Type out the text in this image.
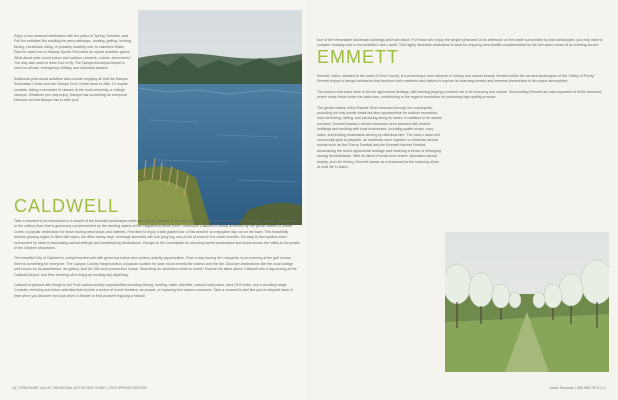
Enjoy a four seasons destination with the parks of Spring, Summer, and Fall fun activities like strolling the area pathways, boating, golfing, hunting, fishing, horseback riding, or possibly heading over to Lakeview Water Park for water fun or Midway Sports Park ideal for sports activities galore. What about year-round indoor and outdoor concerts, rodeos, and events? You may also want to learn how to fly. The Nampa Municipal Airport is used for private, emergency, military, and industrial aviation.

Additional year-round activities also include enjoying all that the Nampa Recreation Center and the Nampa Civic Center have to offer. Or maybe consider taking a semester of classes at the local university or college campus. Whatever you may enjoy, Nampa has something for everyone. Discover all that Nampa has to offer you!

CALDWELL

Take a moment to be introduced to a wealth of the beautiful landscapes within the City of Caldwell. From the rolling green hills lined delicately with vineyards, groves, and orchards, to the valley's floor that is graciously complemented by the winding waters of the magnificent Boise River. Downtown Caldwell is ideally accented by the gentle waters of Indian Creek, a popular destination for those touring area shops and eateries. First time to enjoy a self-guided tour of this area for an enjoyable day out on the town. This beautifully diverse growing region is filled with warm, fun-filled sunny days, evenings accented with low-lying fog, and a hint of snow in the colder months. It's easy to feel spoiled when surrounded by Idaho's fascinating natural settings and breathtaking destinations. Escape to the countryside for stunning scenic landscapes and views across the valley to the peaks of the Owyhee Mountains.

The beautiful City of Caldwell is complemented well with generous indoor and outdoor activity opportunities. From a day touring the vineyards, to an evening at the golf course, there is something for everyone. The Canyon County Fairgrounds is a popular location for year-round events like rodeos and the fair. Discover destinations like the local college well known for its planetarium, art gallery, and the 350-seat proscenium house. Searching for adventure close to home? Explore the skies above Caldwell with a day touring at the Caldwell Airport, and then heading off to enjoy an exciting sky skydiving.

Caldwell is packed with things to do! Find outdoor activity opportunities including fishing, hunting, water activities, various local parks, area OHV trails, and a shooting range. Consider checking out indoor activities that include a choice of movie theaters, an arcade, or exploring the various museums. Take a moment to feel like you've stepped back in time when you discover the local drive-in theatre or find yourself enjoying a historic

16 | TREASURE VALLEY SEASONAL ACTIVITIES GUIDE | 2023 SPRING EDITION

tour of the remarkable downtown buildings and train depot. For those who enjoy the simple pleasures of an afternoon on the water surrounded by lush landscapes, you may want to consider heading over to the beautiful Lake Lowell. This highly desirable destination is ideal for enjoying area birdlife complemented by the rich warm colors of an evening sunset.

EMMETT

Emmett, Idaho, situated in the heart of Gem County, is a picturesque town steeped in history and natural beauty. Nestled within the verdant landscapes of the "Valley of Plenty," Emmett enjoys a tranquil ambiance that beckons both residents and visitors to explore its charming streets and immerse themselves in its unique atmosphere.

The town's roots trace back to its rich agricultural heritage, with farming playing a central role in its economy and culture. Surrounding Emmett are vast expanses of fertile farmland, where crops thrive under the idaho sun, contributing to the region's reputation for producing high-quality produce.

The gentle waters of the Payette River meander through the countryside, providing not only scenic vistas but also opportunities for outdoor recreation, such as fishing, rafting, and picnicking along its banks. In addition to its natural wonders, Emmett boasts a vibrant downtown area adorned with historic buildings and bustling with local businesses, including quaint shops, cozy cafes, and inviting restaurants serving up delicious fare. The town's close-knit community spirit is palpable, as residents come together to celebrate annual events such as the Cherry Festival and the Emmett Harvest Festival, showcasing the area's agricultural heritage and fostering a sense of belonging among its inhabitants. With its blend of small-town charm, abundant natural beauty, and rich history, Emmett stands as a testament to the enduring allure of rural life in Idaho.

Justin Edwards | 208-989-7074 | 17
